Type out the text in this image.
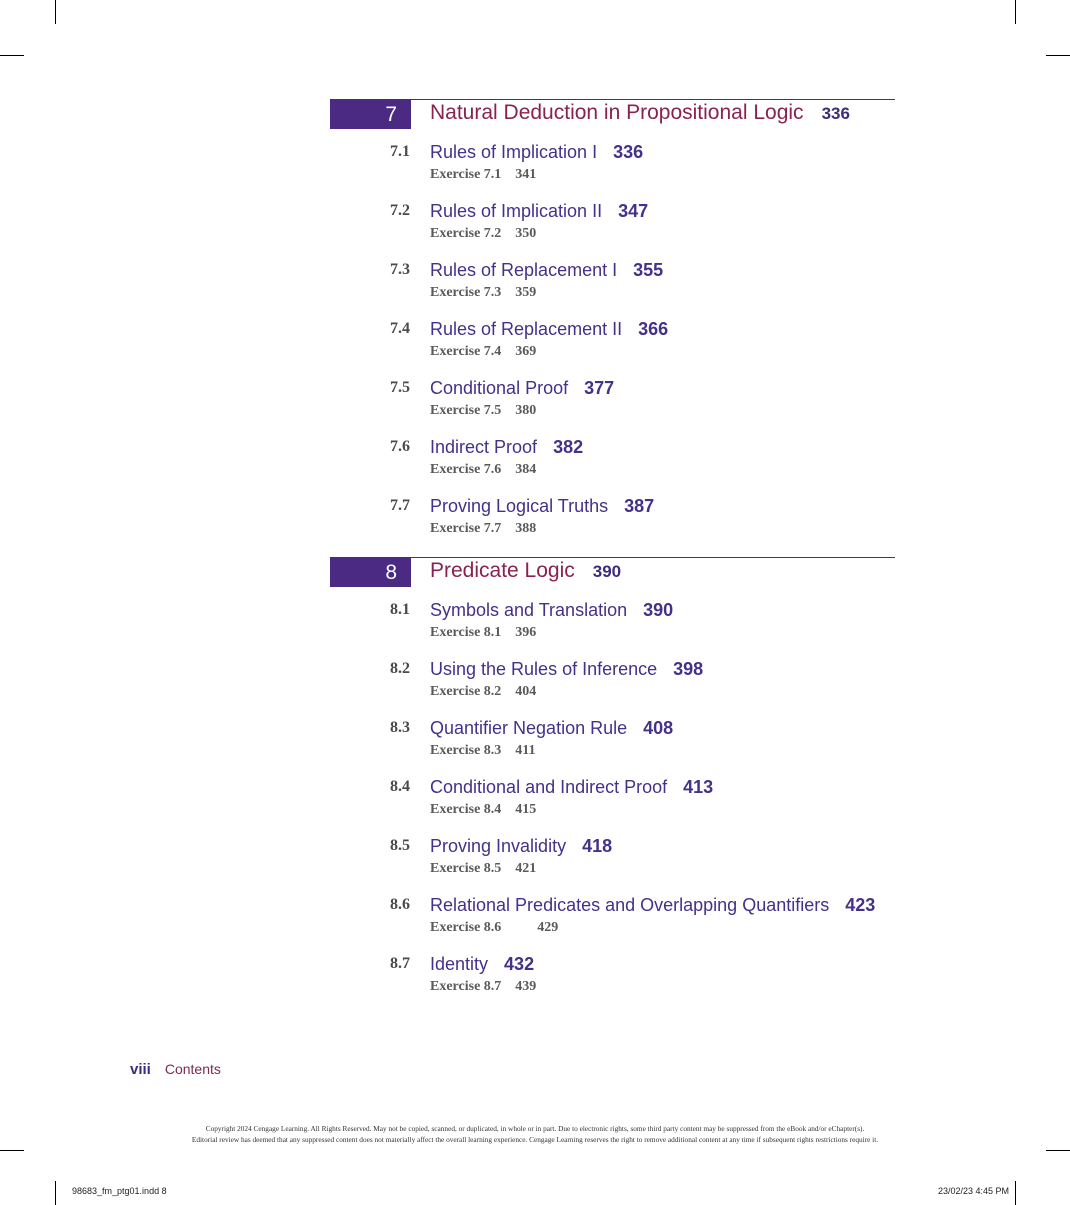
7	Natural Deduction in Propositional Logic 336
7.1 Rules of Implication I 336
Exercise 7.1 341
7.2 Rules of Implication II 347
Exercise 7.2 350
7.3 Rules of Replacement I 355
Exercise 7.3 359
7.4 Rules of Replacement II 366
Exercise 7.4 369
7.5 Conditional Proof 377
Exercise 7.5 380
7.6 Indirect Proof 382
Exercise 7.6 384
7.7 Proving Logical Truths 387
Exercise 7.7 388
8	Predicate Logic 390
8.1 Symbols and Translation 390
Exercise 8.1 396
8.2 Using the Rules of Inference 398
Exercise 8.2 404
8.3 Quantifier Negation Rule 408
Exercise 8.3 411
8.4 Conditional and Indirect Proof 413
Exercise 8.4 415
8.5 Proving Invalidity 418
Exercise 8.5 421
8.6 Relational Predicates and Overlapping Quantifiers 423
Exercise 8.6	429
8.7 Identity 432
Exercise 8.7 439
viii Contents
Copyright 2024 Cengage Learning. All Rights Reserved. May not be copied, scanned, or duplicated, in whole or in part. Due to electronic rights, some third party content may be suppressed from the eBook and/or eChapter(s).
Editorial review has deemed that any suppressed content does not materially affect the overall learning experience. Cengage Learning reserves the right to remove additional content at any time if subsequent rights restrictions require it.
98683_fm_ptg01.indd 8	23/02/23 4:45 PM
